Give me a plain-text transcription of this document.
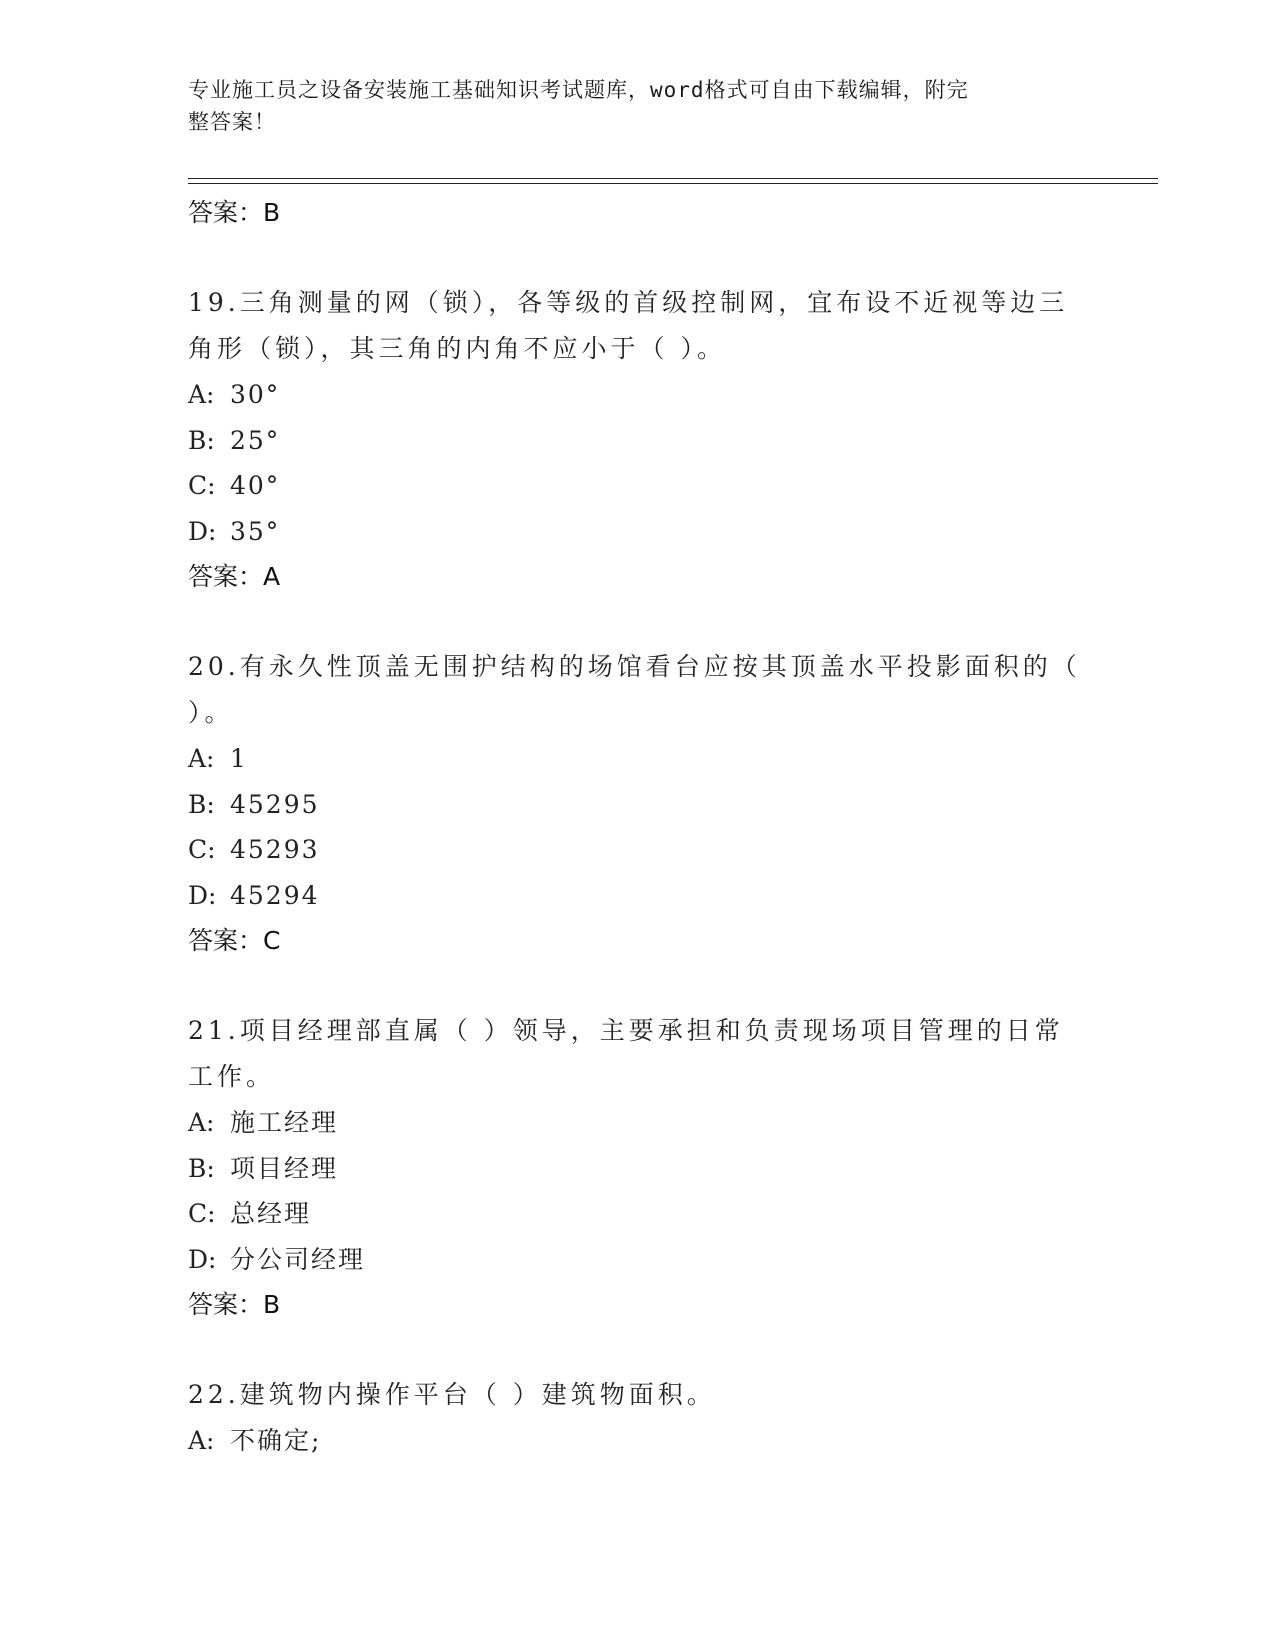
专业施工员之设备安装施工基础知识考试题库，word格式可自由下载编辑，附完
整答案！
答案：B
19.三角测量的网（锁），各等级的首级控制网，宜布设不近视等边三
角形（锁），其三角的内角不应小于（ ）。
A: 30°
B: 25°
C: 40°
D: 35°
答案：A
20.有永久性顶盖无围护结构的场馆看台应按其顶盖水平投影面积的（
）。
A: 1
B: 45295
C: 45293
D: 45294
答案：C
21.项目经理部直属（ ）领导，主要承担和负责现场项目管理的日常
工作。
A: 施工经理
B: 项目经理
C: 总经理
D: 分公司经理
答案：B
22.建筑物内操作平台（ ）建筑物面积。
A: 不确定;
